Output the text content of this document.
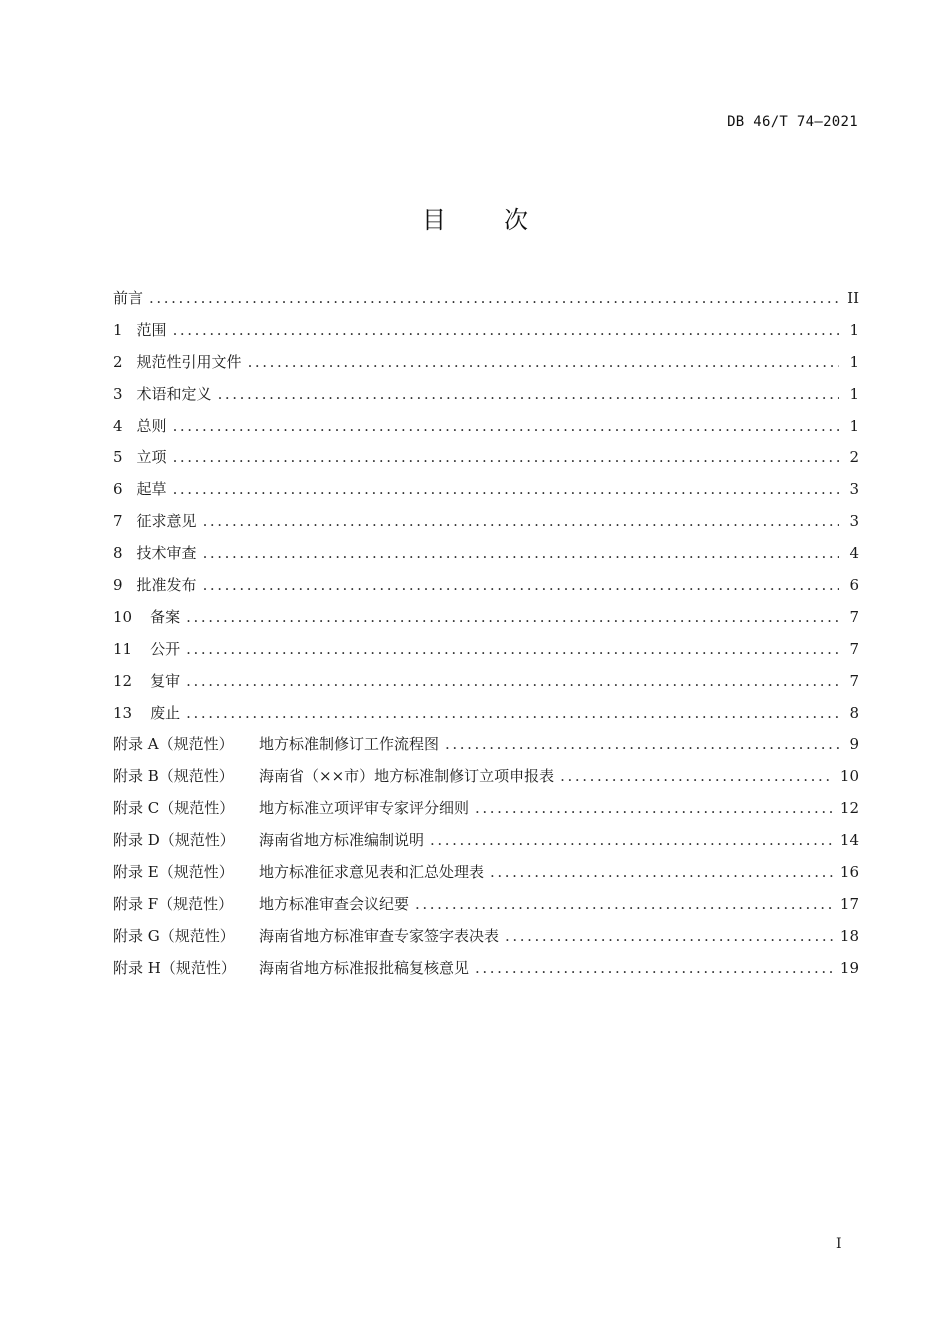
DB 46/T 74—2021
目次
前言 .....	II
1 范围 .....	1
2 规范性引用文件 .....	1
3 术语和定义 .....	1
4 总则 .....	1
5 立项 .....	2
6 起草 .....	3
7 征求意见 .....	3
8 技术审查 .....	4
9 批准发布 .....	6
10	备案 .....	7
11	公开 .....	7
12	复审 .....	7
13	废止 .....	8
附录 A（规范性）	地方标准制修订工作流程图 .....	9
附录 B（规范性）	海南省（××市）地方标准制修订立项申报表 .....	10
附录 C（规范性）	地方标准立项评审专家评分细则 .....	12
附录 D（规范性）	海南省地方标准编制说明 .....	14
附录 E（规范性）	地方标准征求意见表和汇总处理表 .....	16
附录 F（规范性）	地方标准审查会议纪要 .....	17
附录 G（规范性）	海南省地方标准审查专家签字表决表 .....	18
附录 H（规范性）	海南省地方标准报批稿复核意见 .....	19
I
